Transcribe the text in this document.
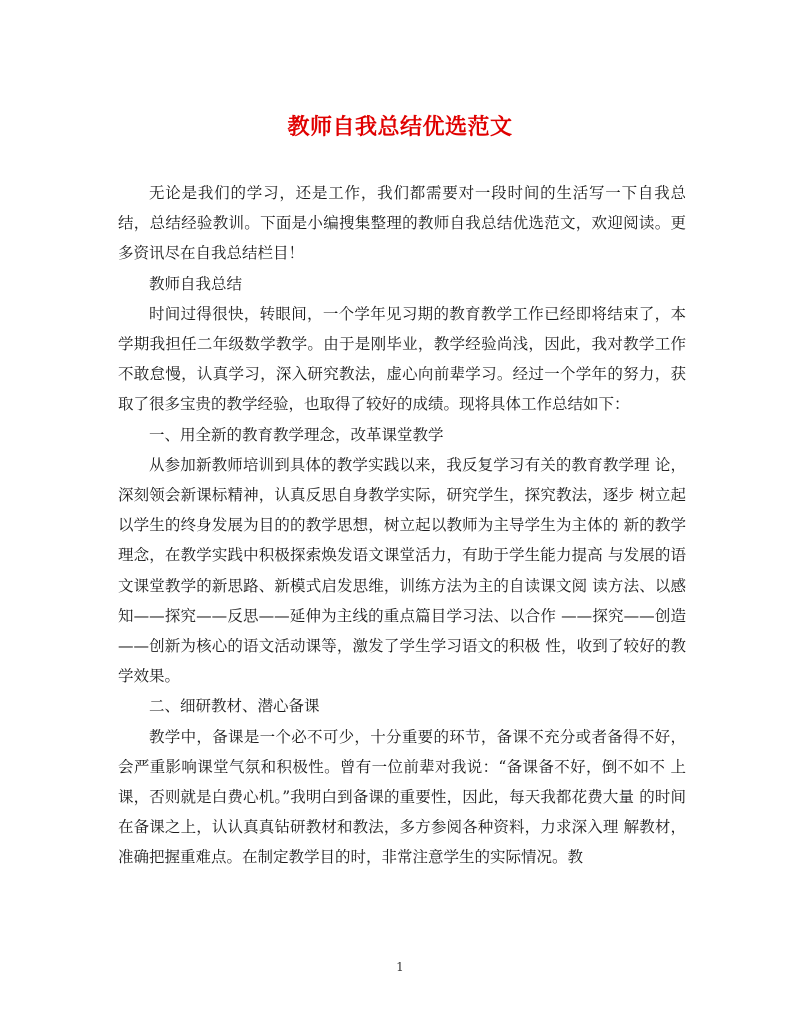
教师自我总结优选范文

无论是我们的学习，还是工作，我们都需要对一段时间的生活写一下自我总结，总结经验教训。下面是小编搜集整理的教师自我总结优选范文，欢迎阅读。更多资讯尽在自我总结栏目！

教师自我总结

时间过得很快，转眼间，一个学年见习期的教育教学工作已经即将结束了，本学期我担任二年级数学教学。由于是刚毕业，教学经验尚浅，因此，我对教学工作不敢怠慢，认真学习，深入研究教法，虚心向前辈学习。经过一个学年的努力，获取了很多宝贵的教学经验，也取得了较好的成绩。现将具体工作总结如下：

一、用全新的教育教学理念，改革课堂教学

从参加新教师培训到具体的教学实践以来，我反复学习有关的教育教学理 论，深刻领会新课标精神，认真反思自身教学实际，研究学生，探究教法，逐步 树立起以学生的终身发展为目的的教学思想，树立起以教师为主导学生为主体的 新的教学理念，在教学实践中积极探索焕发语文课堂活力，有助于学生能力提高 与发展的语文课堂教学的新思路、新模式启发思维，训练方法为主的自读课文阅 读方法、以感知——探究——反思——延伸为主线的重点篇目学习法、以合作 ——探究——创造——创新为核心的语文活动课等，激发了学生学习语文的积极 性，收到了较好的教学效果。

二、细研教材、潜心备课

教学中，备课是一个必不可少，十分重要的环节，备课不充分或者备得不好， 会严重影响课堂气氛和积极性。曾有一位前辈对我说：“备课备不好，倒不如不 上课，否则就是白费心机。”我明白到备课的重要性，因此，每天我都花费大量 的时间在备课之上，认认真真钻研教材和教法，多方参阅各种资料，力求深入理 解教材，准确把握重难点。在制定教学目的时，非常注意学生的实际情况。教

1
